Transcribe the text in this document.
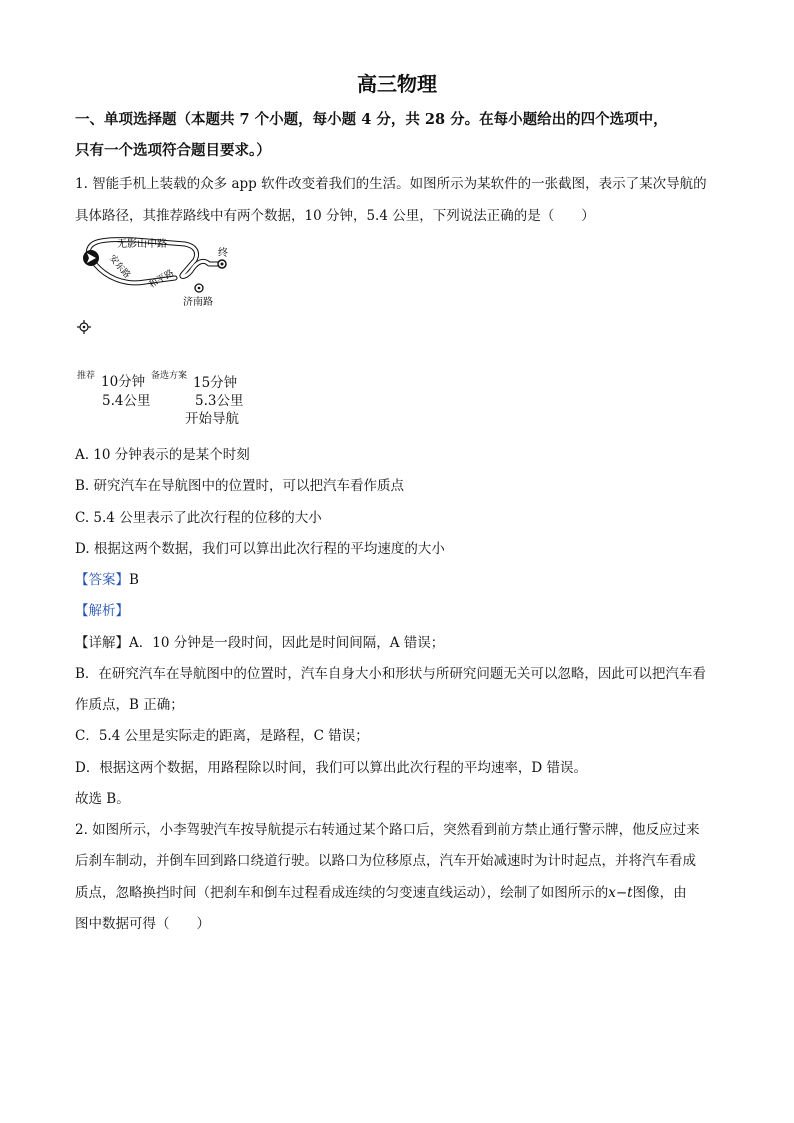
高三物理
一、单项选择题（本题共 7 个小题，每小题 4 分，共 28 分。在每小题给出的四个选项中，
只有一个选项符合题目要求。）
1. 智能手机上装载的众多 app 软件改变着我们的生活。如图所示为某软件的一张截图，表示了某次导航的
具体路径，其推荐路线中有两个数据，10 分钟，5.4 公里，下列说法正确的是（　　）
终
无影山中路
安东路 和平路
济南路
推荐 10分钟
5.4公里
备选方案 15分钟
5.3公里
开始导航
A. 10 分钟表示的是某个时刻
B. 研究汽车在导航图中的位置时，可以把汽车看作质点
C. 5.4 公里表示了此次行程的位移的大小
D. 根据这两个数据，我们可以算出此次行程的平均速度的大小
【答案】B
【解析】
【详解】A．10 分钟是一段时间，因此是时间间隔，A 错误；
B．在研究汽车在导航图中的位置时，汽车自身大小和形状与所研究问题无关可以忽略，因此可以把汽车看
作质点，B 正确；
C．5.4 公里是实际走的距离，是路程，C 错误；
D．根据这两个数据，用路程除以时间，我们可以算出此次行程的平均速率，D 错误。
故选 B。
2. 如图所示，小李驾驶汽车按导航提示右转通过某个路口后，突然看到前方禁止通行警示牌，他反应过来
后刹车制动，并倒车回到路口绕道行驶。以路口为位移原点，汽车开始减速时为计时起点，并将汽车看成
质点，忽略换挡时间（把刹车和倒车过程看成连续的匀变速直线运动），绘制了如图所示的x−t图像，由
图中数据可得（　　）
